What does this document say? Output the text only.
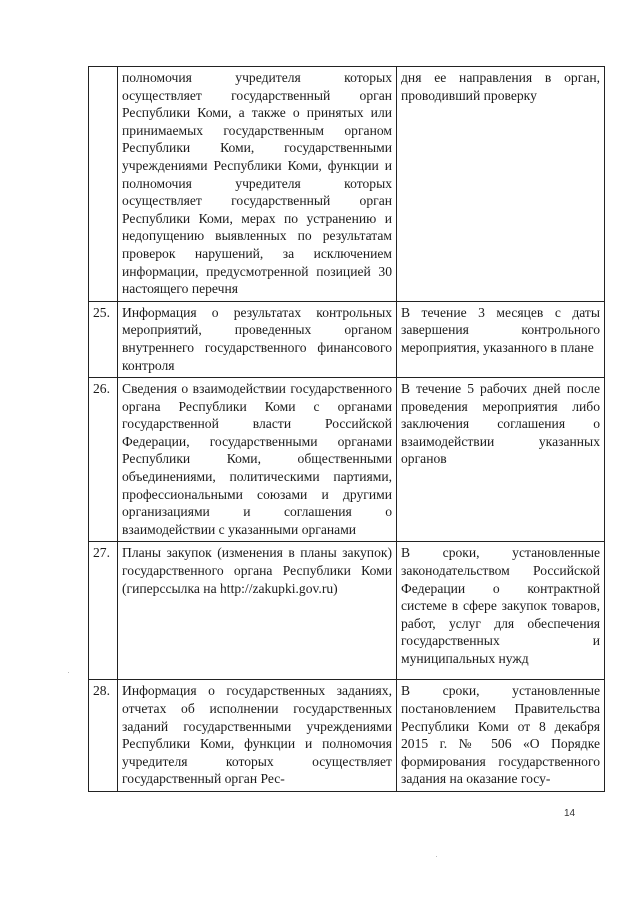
	полномочия учредителя которых осуществляет государственный орган Республики Коми, а также о принятых или принимаемых государственным органом Республики Коми, государственными учреждениями Республики Коми, функции и полномочия учредителя которых осуществляет государственный орган Республики Коми, мерах по устранению и недопущению выявленных по результатам проверок нарушений, за исключением информации, предусмотренной позицией 30 настоящего перечня	дня ее направления в орган, проводивший проверку
25.	Информация о результатах контрольных мероприятий, проведенных органом внутреннего государственного финансового контроля	В течение 3 месяцев с даты завершения контрольного мероприятия, указанного в плане
26.	Сведения о взаимодействии государственного органа Республики Коми с органами государственной власти Российской Федерации, государственными органами Республики Коми, общественными объединениями, политическими партиями, профессиональными союзами и другими организациями и соглашения о взаимодействии с указанными органами	В течение 5 рабочих дней после проведения мероприятия либо заключения соглашения о взаимодействии указанных органов
27.	Планы закупок (изменения в планы закупок) государственного органа Республики Коми (гиперссылка на http://zakupki.gov.ru)	В сроки, установленные законодательством Российской Федерации о контрактной системе в сфере закупок товаров, работ, услуг для обеспечения государственных и муниципальных нужд
28.	Информация о государственных заданиях, отчетах об исполнении государственных заданий государственными учреждениями Республики Коми, функции и полномочия учредителя которых осуществляет государственный орган Рес-	В сроки, установленные постановлением Правительства Республики Коми от 8 декабря 2015 г. № 506 «О Порядке формирования государственного задания на оказание госу-
14
